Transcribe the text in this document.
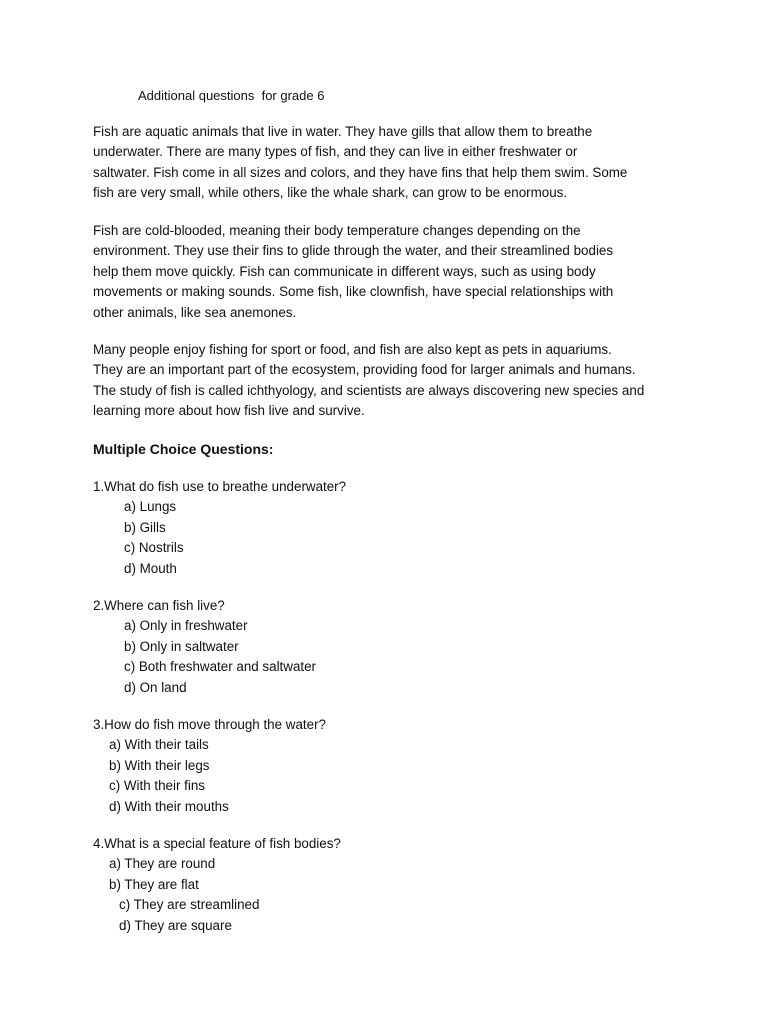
Additional questions  for grade 6
Fish are aquatic animals that live in water. They have gills that allow them to breathe
underwater. There are many types of fish, and they can live in either freshwater or
saltwater. Fish come in all sizes and colors, and they have fins that help them swim. Some
fish are very small, while others, like the whale shark, can grow to be enormous.
Fish are cold-blooded, meaning their body temperature changes depending on the
environment. They use their fins to glide through the water, and their streamlined bodies
help them move quickly. Fish can communicate in different ways, such as using body
movements or making sounds. Some fish, like clownfish, have special relationships with
other animals, like sea anemones.
Many people enjoy fishing for sport or food, and fish are also kept as pets in aquariums.
They are an important part of the ecosystem, providing food for larger animals and humans.
The study of fish is called ichthyology, and scientists are always discovering new species and
learning more about how fish live and survive.
Multiple Choice Questions:
1.What do fish use to breathe underwater?
a) Lungs
b) Gills
c) Nostrils
d) Mouth
2.Where can fish live?
a) Only in freshwater
b) Only in saltwater
c) Both freshwater and saltwater
d) On land
3.How do fish move through the water?
a) With their tails
b) With their legs
c) With their fins
d) With their mouths
4.What is a special feature of fish bodies?
a) They are round
b) They are flat
c) They are streamlined
d) They are square
